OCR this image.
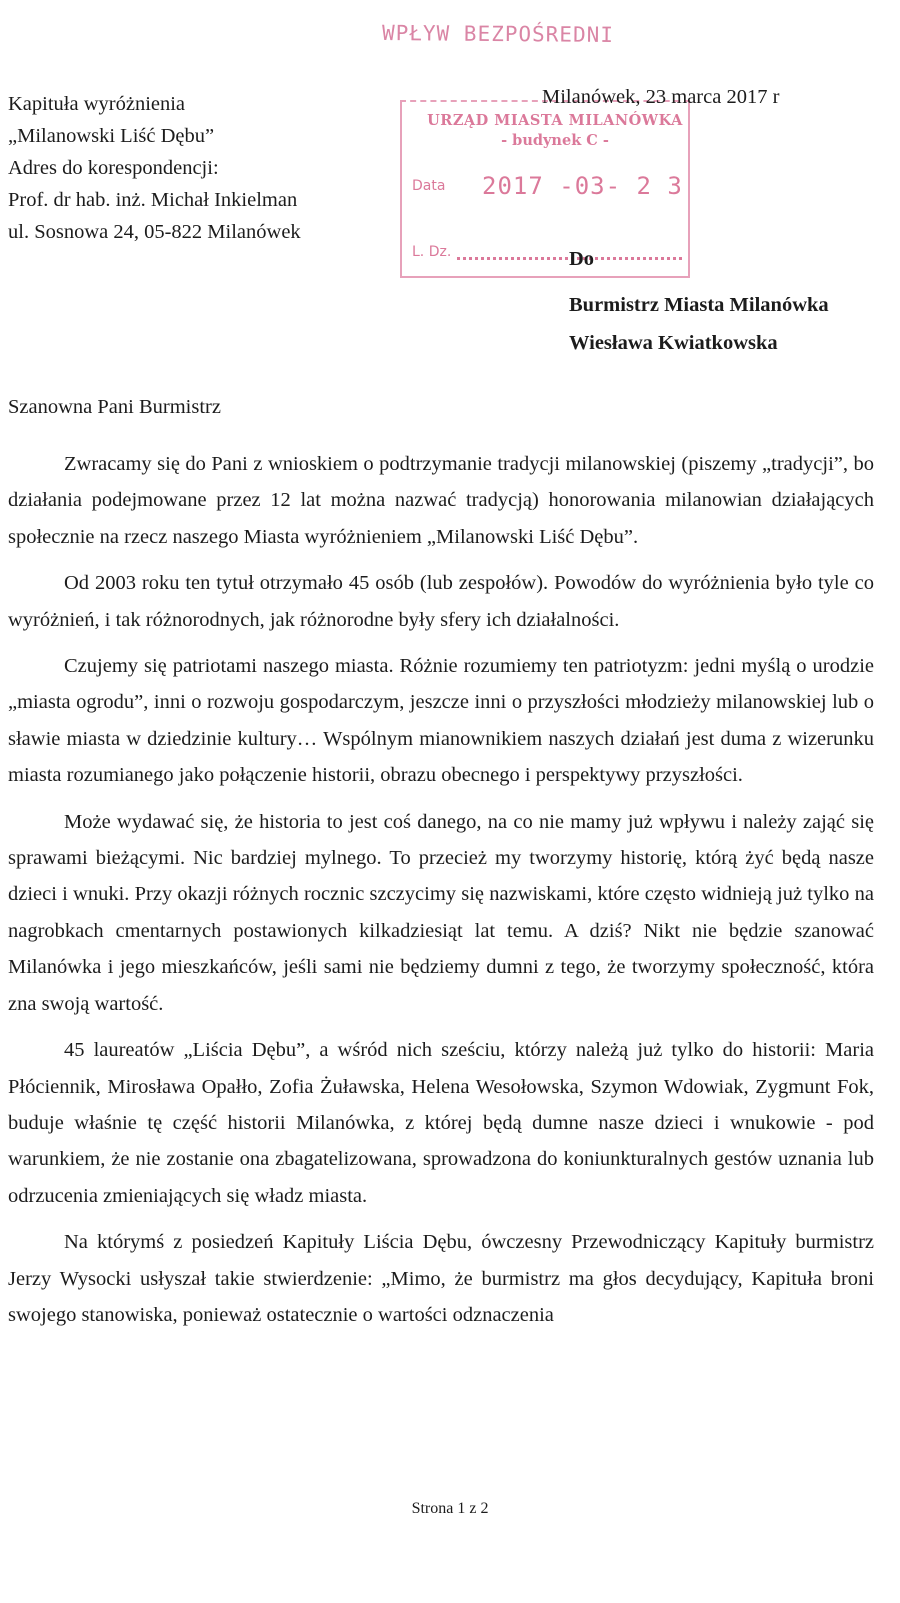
WPŁYW BEZPOŚREDNI
Kapituła wyróżnienia
„Milanowski Liść Dębu”
Adres do korespondencji:
Prof. dr hab. inż. Michał Inkielman
ul. Sosnowa 24, 05-822 Milanówek
URZĄD MIASTA MILANÓWKA
- budynek C -
Data 2017 -03- 2 3
L. Dz.
Milanówek, 23 marca 2017 r
Do
Burmistrz Miasta Milanówka
Wiesława Kwiatkowska
Szanowna Pani Burmistrz

Zwracamy się do Pani z wnioskiem o podtrzymanie tradycji milanowskiej (piszemy „tradycji”, bo działania podejmowane przez 12 lat można nazwać tradycją) honorowania milanowian działających społecznie na rzecz naszego Miasta wyróżnieniem „Milanowski Liść Dębu”.

Od 2003 roku ten tytuł otrzymało 45 osób (lub zespołów). Powodów do wyróżnienia było tyle co wyróżnień, i tak różnorodnych, jak różnorodne były sfery ich działalności.

Czujemy się patriotami naszego miasta. Różnie rozumiemy ten patriotyzm: jedni myślą o urodzie „miasta ogrodu”, inni o rozwoju gospodarczym, jeszcze inni o przyszłości młodzieży milanowskiej lub o sławie miasta w dziedzinie kultury… Wspólnym mianownikiem naszych działań jest duma z wizerunku miasta rozumianego jako połączenie historii, obrazu obecnego i perspektywy przyszłości.

Może wydawać się, że historia to jest coś danego, na co nie mamy już wpływu i należy zająć się sprawami bieżącymi. Nic bardziej mylnego. To przecież my tworzymy historię, którą żyć będą nasze dzieci i wnuki. Przy okazji różnych rocznic szczycimy się nazwiskami, które często widnieją już tylko na nagrobkach cmentarnych postawionych kilkadziesiąt lat temu. A dziś? Nikt nie będzie szanować Milanówka i jego mieszkańców, jeśli sami nie będziemy dumni z tego, że tworzymy społeczność, która zna swoją wartość.

45 laureatów „Liścia Dębu”, a wśród nich sześciu, którzy należą już tylko do historii: Maria Płóciennik, Mirosława Opałło, Zofia Żuławska, Helena Wesołowska, Szymon Wdowiak, Zygmunt Fok, buduje właśnie tę część historii Milanówka, z której będą dumne nasze dzieci i wnukowie - pod warunkiem, że nie zostanie ona zbagatelizowana, sprowadzona do koniunkturalnych gestów uznania lub odrzucenia zmieniających się władz miasta.

Na którymś z posiedzeń Kapituły Liścia Dębu, ówczesny Przewodniczący Kapituły burmistrz Jerzy Wysocki usłyszał takie stwierdzenie: „Mimo, że burmistrz ma głos decydujący, Kapituła broni swojego stanowiska, ponieważ ostatecznie o wartości odznaczenia

Strona 1 z 2
